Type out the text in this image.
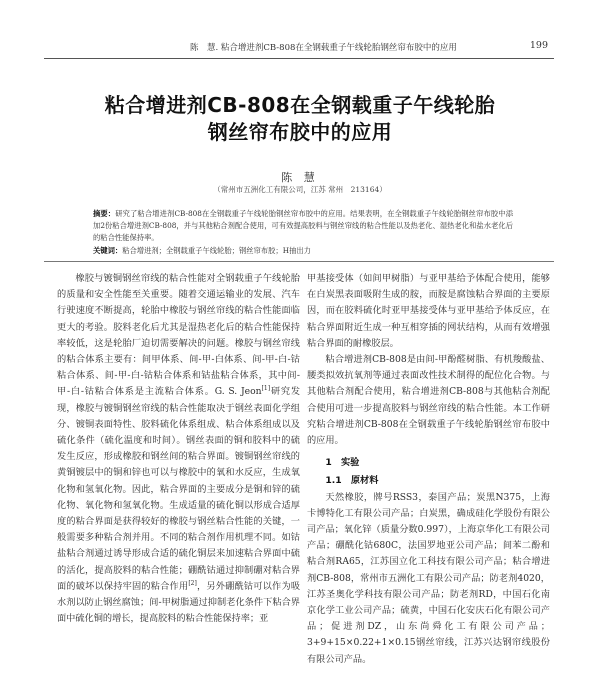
陈　慧. 粘合增进剂CB-808在全钢载重子午线轮胎钢丝帘布胶中的应用	199
粘合增进剂CB-808在全钢载重子午线轮胎
钢丝帘布胶中的应用
陈 慧
（常州市五洲化工有限公司，江苏 常州　213164）
摘要：研究了粘合增进剂CB-808在全钢载重子午线轮胎钢丝帘布胶中的应用。结果表明，在全钢载重子午线轮胎钢丝帘布胶中添加2份粘合增进剂CB-808，并与其他粘合剂配合使用，可有效提高胶料与钢丝帘线的粘合性能以及热老化、湿热老化和盐水老化后的粘合性能保持率。
关键词：粘合增进剂；全钢载重子午线轮胎；钢丝帘布胶；H抽出力

橡胶与镀铜钢丝帘线的粘合性能对全钢载重子午线轮胎的质量和安全性能至关重要。随着交通运输业的发展、汽车行驶速度不断提高，轮胎中橡胶与钢丝帘线的粘合性能面临更大的考验。胶料老化后尤其是湿热老化后的粘合性能保持率较低，这是轮胎厂迫切需要解决的问题。橡胶与钢丝帘线的粘合体系主要有：间甲体系、间-甲-白体系、间-甲-白-钴粘合体系、间-甲-白-钴粘合体系和钴盐粘合体系，其中间-甲-白-钴粘合体系是主流粘合体系。G. S. Jeon[1]研究发现，橡胶与镀铜钢丝帘线的粘合性能取决于钢丝表面化学组分、镀铜表面特性、胶料硫化体系组成、粘合体系组成以及硫化条件（硫化温度和时间）。钢丝表面的铜和胶料中的硫发生反应，形成橡胶和钢丝间的粘合界面。镀铜钢丝帘线的黄铜镀层中的铜和锌也可以与橡胶中的氧和水反应，生成氧化物和氢氧化物。因此，粘合界面的主要成分是铜和锌的硫化物、氧化物和氢氧化物。生成适量的硫化铜以形成合适厚度的粘合界面是获得较好的橡胶与钢丝粘合性能的关键，一般需要多种粘合剂并用。不同的粘合剂作用机理不同。如钴盐粘合剂通过诱导形成合适的硫化铜层来加速粘合界面中硫的活化，提高胶料的粘合性能；硼酰钴通过抑制硼对粘合界面的破坏以保持牢固的粘合作用[2]，另外硼酰钴可以作为吸水剂以防止钢丝腐蚀；间-甲树脂通过抑制老化条件下粘合界面中硫化铜的增长，提高胶料的粘合性能保持率；亚

甲基接受体（如间甲树脂）与亚甲基给予体配合使用，能够在白炭黑表面吸附生成的胺，而胺是腐蚀粘合界面的主要原因，而在胶料硫化时亚甲基接受体与亚甲基给予体反应，在粘合界面附近生成一种互相穿插的网状结构，从而有效增强粘合界面的耐橡胶层。

粘合增进剂CB-808是由间-甲酚醛树脂、有机羧酸盐、腰类拟效抗氧剂等通过表面改性技术制得的配位化合物。与其他粘合剂配合使用，粘合增进剂CB-808与其他粘合剂配合使用可进一步提高胶料与钢丝帘线的粘合性能。本工作研究粘合增进剂CB-808在全钢载重子午线轮胎钢丝帘布胶中的应用。

1　实验

1.1　原材料

天然橡胶，牌号RSS3，泰国产品；炭黑N375，上海卡博特化工有限公司产品；白炭黑，确成硅化学股份有限公司产品；氧化锌（质量分数0.997），上海京华化工有限公司产品；硼酰化钴680C，法国罗地亚公司产品；间苯二酚和粘合剂RA65，江苏国立化工科技有限公司产品；粘合增进剂CB-808，常州市五洲化工有限公司产品；防老剂4020，江苏圣奥化学科技有限公司产品；防老剂RD，中国石化南京化学工业公司产品；硫黄，中国石化安庆石化有限公司产品；促进剂DZ，山东尚舜化工有限公司产品；3+9+15×0.22+1×0.15钢丝帘线，江苏兴达钢帘线股份有限公司产品。
